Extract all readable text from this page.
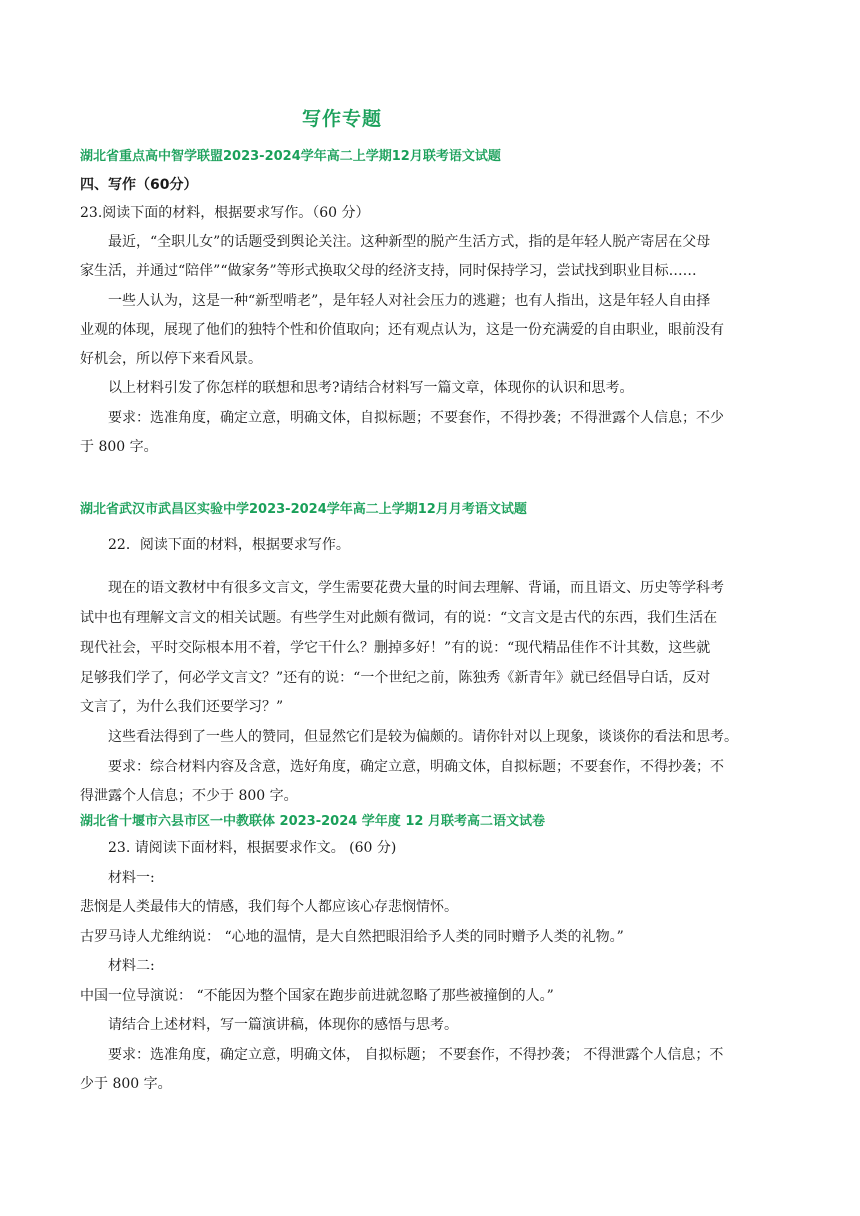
写作专题
湖北省重点高中智学联盟2023-2024学年高二上学期12月联考语文试题
四、写作（60分）
23.阅读下面的材料，根据要求写作。（60 分）
最近，“全职儿女”的话题受到舆论关注。这种新型的脱产生活方式，指的是年轻人脱产寄居在父母
家生活，并通过“陪伴”“做家务”等形式换取父母的经济支持，同时保持学习，尝试找到职业目标……
一些人认为，这是一种“新型啃老”，是年轻人对社会压力的逃避；也有人指出，这是年轻人自由择
业观的体现，展现了他们的独特个性和价值取向；还有观点认为，这是一份充满爱的自由职业，眼前没有
好机会，所以停下来看风景。
以上材料引发了你怎样的联想和思考?请结合材料写一篇文章，体现你的认识和思考。
要求：选准角度，确定立意，明确文体，自拟标题；不要套作，不得抄袭；不得泄露个人信息；不少
于 800 字。
湖北省武汉市武昌区实验中学2023-2024学年高二上学期12月月考语文试题
22．阅读下面的材料，根据要求写作。
现在的语文教材中有很多文言文，学生需要花费大量的时间去理解、背诵，而且语文、历史等学科考
试中也有理解文言文的相关试题。有些学生对此颇有微词，有的说：“文言文是古代的东西，我们生活在
现代社会，平时交际根本用不着，学它干什么？删掉多好！”有的说：“现代精品佳作不计其数，这些就
足够我们学了，何必学文言文？”还有的说：“一个世纪之前，陈独秀《新青年》就已经倡导白话，反对
文言了，为什么我们还要学习？”
这些看法得到了一些人的赞同，但显然它们是较为偏颇的。请你针对以上现象，谈谈你的看法和思考。
要求：综合材料内容及含意，选好角度，确定立意，明确文体，自拟标题；不要套作，不得抄袭；不
得泄露个人信息；不少于 800 字。
湖北省十堰市六县市区一中教联体 2023-2024 学年度 12 月联考高二语文试卷
23. 请阅读下面材料，根据要求作文。 (60 分)
材料一:
悲悯是人类最伟大的情感，我们每个人都应该心存悲悯情怀。
古罗马诗人尤维纳说： “心地的温情，是大自然把眼泪给予人类的同时赠予人类的礼物。”
材料二:
中国一位导演说： “不能因为整个国家在跑步前进就忽略了那些被撞倒的人。”
请结合上述材料，写一篇演讲稿，体现你的感悟与思考。
要求：选准角度，确定立意，明确文体， 自拟标题； 不要套作，不得抄袭； 不得泄露个人信息；不
少于 800 字。
